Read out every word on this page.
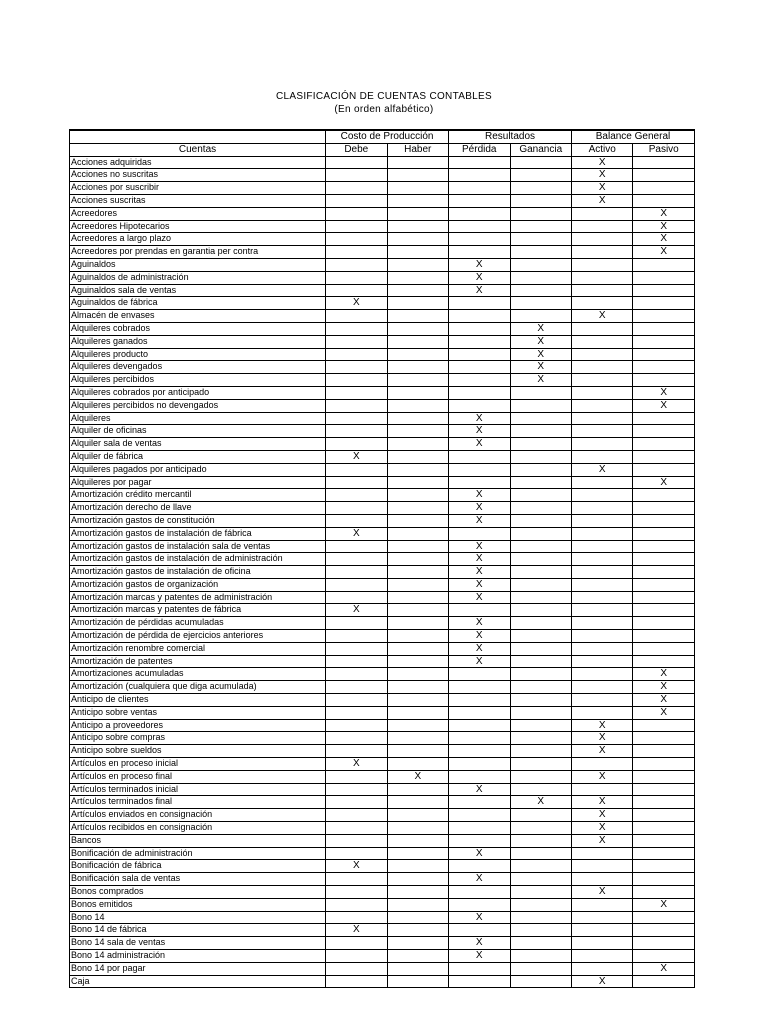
CLASIFICACIÓN DE CUENTAS CONTABLES
(En orden alfabético)
	Costo de Producción		Resultados		Balance General	
Cuentas	Debe	Haber	Pérdida	Ganancia	Activo	Pasivo
Acciones adquiridas					X	
Acciones no suscritas					X	
Acciones por suscribir					X	
Acciones suscritas					X	
Acreedores						X
Acreedores Hipotecarios						X
Acreedores a largo plazo						X
Acreedores por prendas en garantia per contra						X
Aguinaldos			X			
Aguinaldos de administración			X			
Aguinaldos sala de ventas			X			
Aguinaldos de fábrica	X					
Almacén de envases					X	
Alquileres cobrados				X		
Alquileres ganados				X		
Alquileres producto				X		
Alquileres devengados				X		
Alquileres percibidos				X		
Alquileres cobrados por anticipado						X
Alquileres percibidos no devengados						X
Alquileres			X			
Alquiler de oficinas			X			
Alquiler sala de ventas			X			
Alquiler de fábrica	X					
Alquileres pagados por anticipado					X	
Alquileres por pagar						X
Amortización crédito mercantil			X			
Amortización derecho de llave			X			
Amortización gastos de constitución			X			
Amortización gastos de instalación de fábrica	X					
Amortización gastos de instalación sala de ventas			X			
Amortización gastos de instalación de administración			X			
Amortización gastos de instalación de oficina			X			
Amortización gastos de organización			X			
Amortización marcas y patentes de administración			X			
Amortización marcas y patentes de fábrica	X					
Amortización de pérdidas acumuladas			X			
Amortización de pérdida de ejercicios anteriores			X			
Amortización renombre comercial			X			
Amortización de patentes			X			
Amortizaciones acumuladas						X
Amortización (cualquiera que diga acumulada)						X
Anticipo de clientes						X
Anticipo sobre ventas						X
Anticipo a proveedores					X	
Anticipo sobre compras					X	
Anticipo sobre sueldos					X	
Artículos en proceso inicial	X					
Artículos en proceso final		X			X	
Artículos terminados inicial			X			
Artículos terminados final				X	X	
Artículos enviados en consignación					X	
Artículos recibidos en consignación					X	
Bancos					X	
Bonificación de administración			X			
Bonificación de fábrica	X					
Bonificación sala de ventas			X			
Bonos comprados					X	
Bonos emitidos						X
Bono 14			X			
Bono 14 de fábrica	X					
Bono 14 sala de ventas			X			
Bono 14 administración			X			
Bono 14 por pagar						X
Caja					X	
